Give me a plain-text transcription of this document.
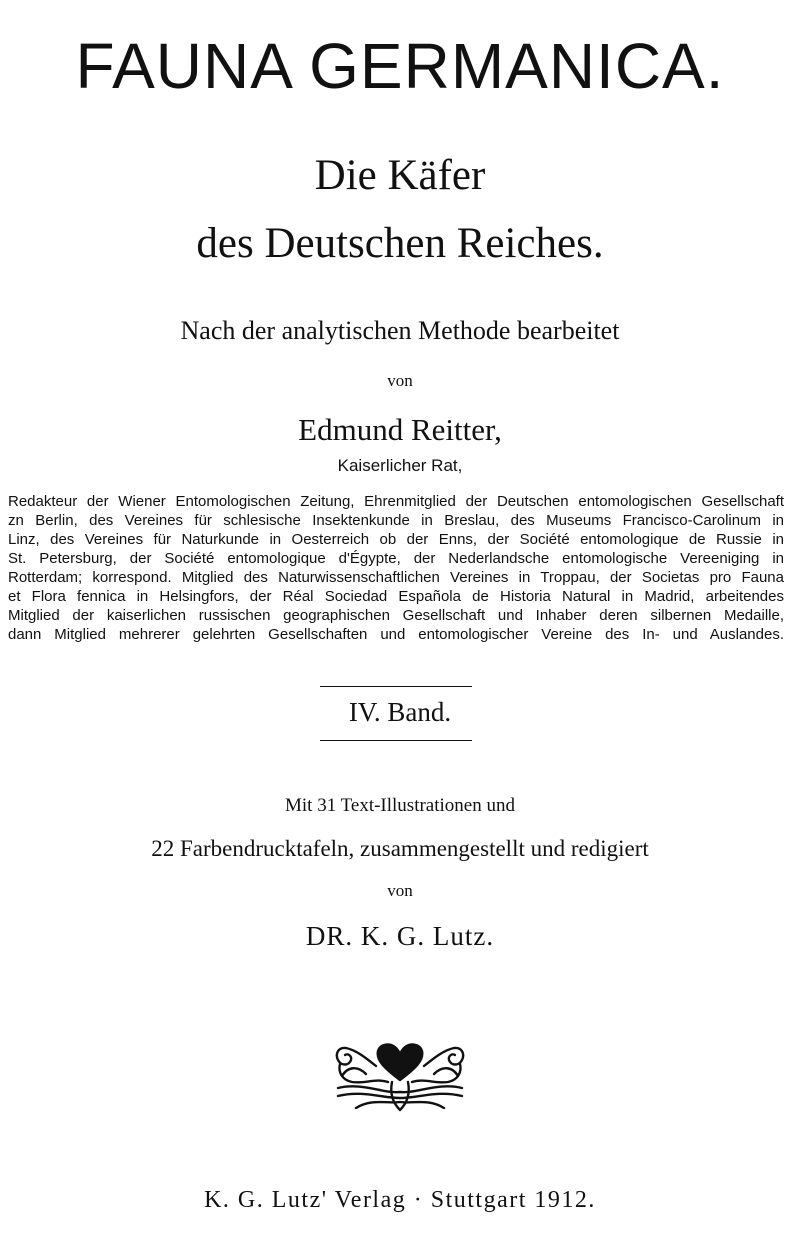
FAUNA GERMANICA.
Die Käfer
des Deutschen Reiches.
Nach der analytischen Methode bearbeitet
von
Edmund Reitter,
Kaiserlicher Rat,
Redakteur der Wiener Entomologischen Zeitung, Ehrenmitglied der Deutschen entomologischen Gesellschaft
zn Berlin, des Vereines für schlesische Insektenkunde in Breslau, des Museums Francisco-Carolinum in
Linz, des Vereines für Naturkunde in Oesterreich ob der Enns, der Société entomologique de Russie in
St. Petersburg, der Société entomologique d'Égypte, der Nederlandsche entomologische Vereeniging in
Rotterdam; korrespond. Mitglied des Naturwissenschaftlichen Vereines in Troppau, der Societas pro Fauna
et Flora fennica in Helsingfors, der Réal Sociedad Española de Historia Natural in Madrid, arbeitendes
Mitglied der kaiserlichen russischen geographischen Gesellschaft und Inhaber deren silbernen Medaille,
dann Mitglied mehrerer gelehrten Gesellschaften und entomologischer Vereine des In- und Auslandes.
IV. Band.
Mit 31 Text-Illustrationen und
22 Farbendrucktafeln, zusammengestellt und redigiert
von
DR. K. G. Lutz.
K. G. Lutz' Verlag · Stuttgart 1912.
